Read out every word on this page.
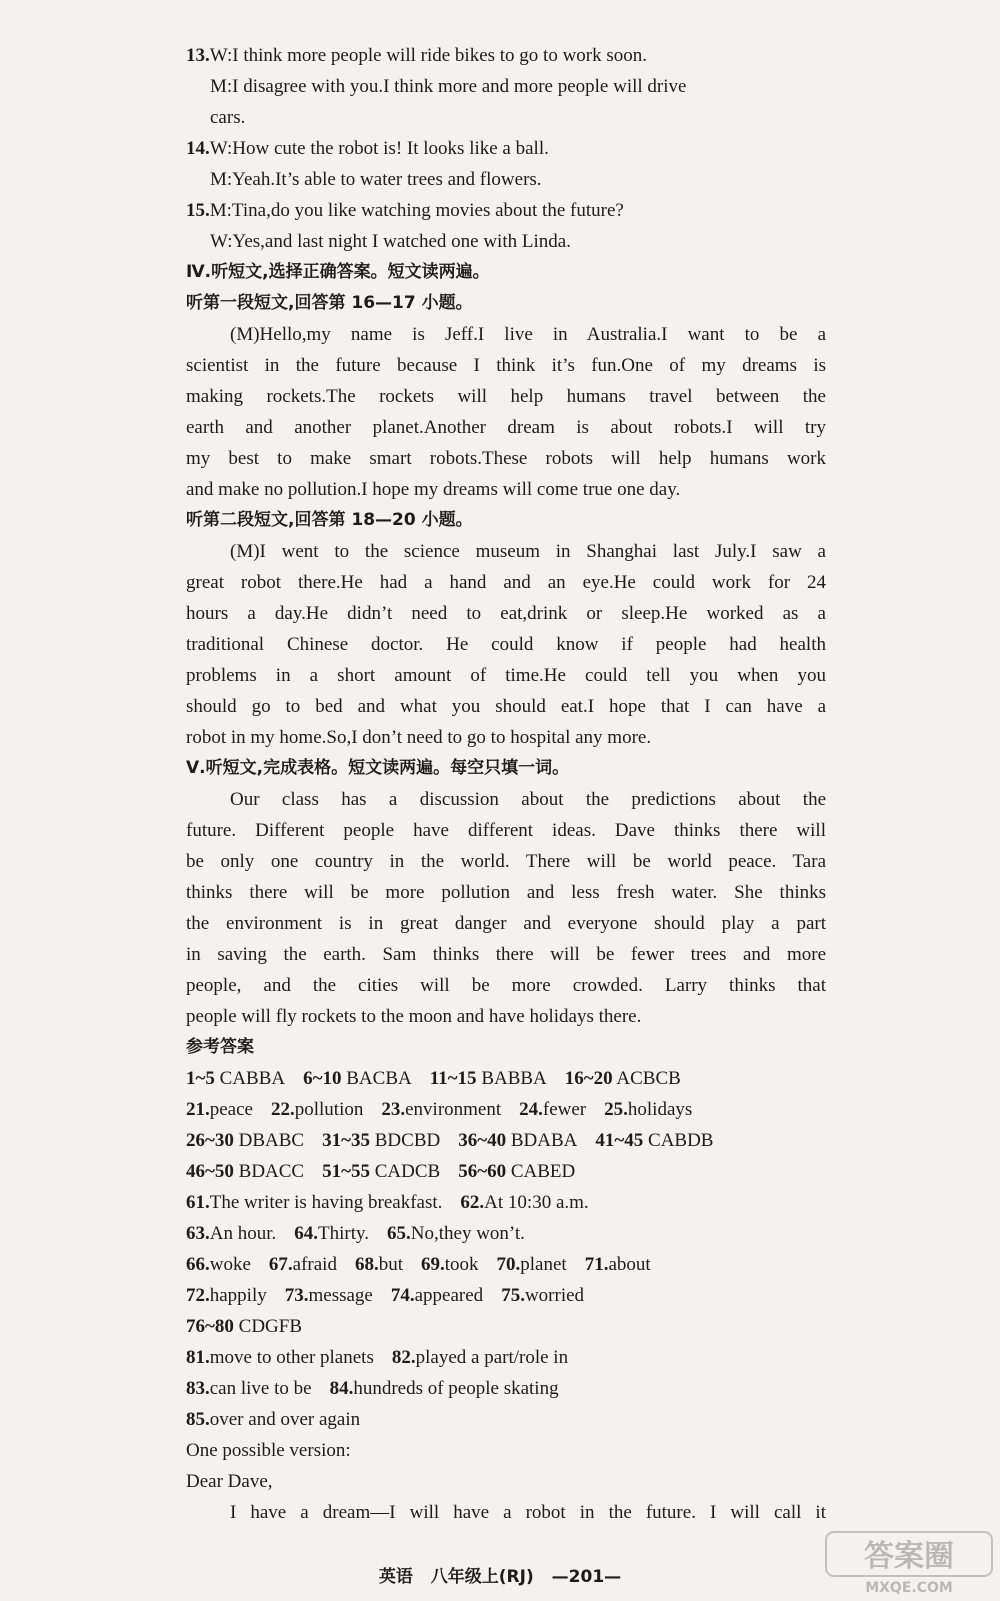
13.W:I think more people will ride bikes to go to work soon.
M:I disagree with you.I think more and more people will drive
cars.
14.W:How cute the robot is! It looks like a ball.
M:Yeah.It’s able to water trees and flowers.
15.M:Tina,do you like watching movies about the future?
W:Yes,and last night I watched one with Linda.
Ⅳ.听短文,选择正确答案。短文读两遍。
听第一段短文,回答第 16—17 小题。
(M)Hello,my name is Jeff.I live in Australia.I want to be a
scientist in the future because I think it’s fun.One of my dreams is
making rockets.The rockets will help humans travel between the
earth and another planet.Another dream is about robots.I will try
my best to make smart robots.These robots will help humans work
and make no pollution.I hope my dreams will come true one day.
听第二段短文,回答第 18—20 小题。
(M)I went to the science museum in Shanghai last July.I saw a
great robot there.He had a hand and an eye.He could work for 24
hours a day.He didn’t need to eat,drink or sleep.He worked as a
traditional Chinese doctor. He could know if people had health
problems in a short amount of time.He could tell you when you
should go to bed and what you should eat.I hope that I can have a
robot in my home.So,I don’t need to go to hospital any more.
Ⅴ.听短文,完成表格。短文读两遍。每空只填一词。
Our class has a discussion about the predictions about the
future. Different people have different ideas. Dave thinks there will
be only one country in the world. There will be world peace. Tara
thinks there will be more pollution and less fresh water. She thinks
the environment is in great danger and everyone should play a part
in saving the earth. Sam thinks there will be fewer trees and more
people, and the cities will be more crowded. Larry thinks that
people will fly rockets to the moon and have holidays there.
参考答案
1~5 CABBA 6~10 BACBA 11~15 BABBA 16~20 ACBCB
21.peace 22.pollution 23.environment 24.fewer 25.holidays
26~30 DBABC 31~35 BDCBD 36~40 BDABA 41~45 CABDB
46~50 BDACC 51~55 CADCB 56~60 CABED
61.The writer is having breakfast. 62.At 10:30 a.m.
63.An hour. 64.Thirty. 65.No,they won’t.
66.woke 67.afraid 68.but 69.took 70.planet 71.about
72.happily 73.message 74.appeared 75.worried
76~80 CDGFB
81.move to other planets 82.played a part/role in
83.can live to be 84.hundreds of people skating
85.over and over again
One possible version:
Dear Dave,
I have a dream—I will have a robot in the future. I will call it
英语 八年级上(RJ) —201—
答案圈
MXQE.COM
